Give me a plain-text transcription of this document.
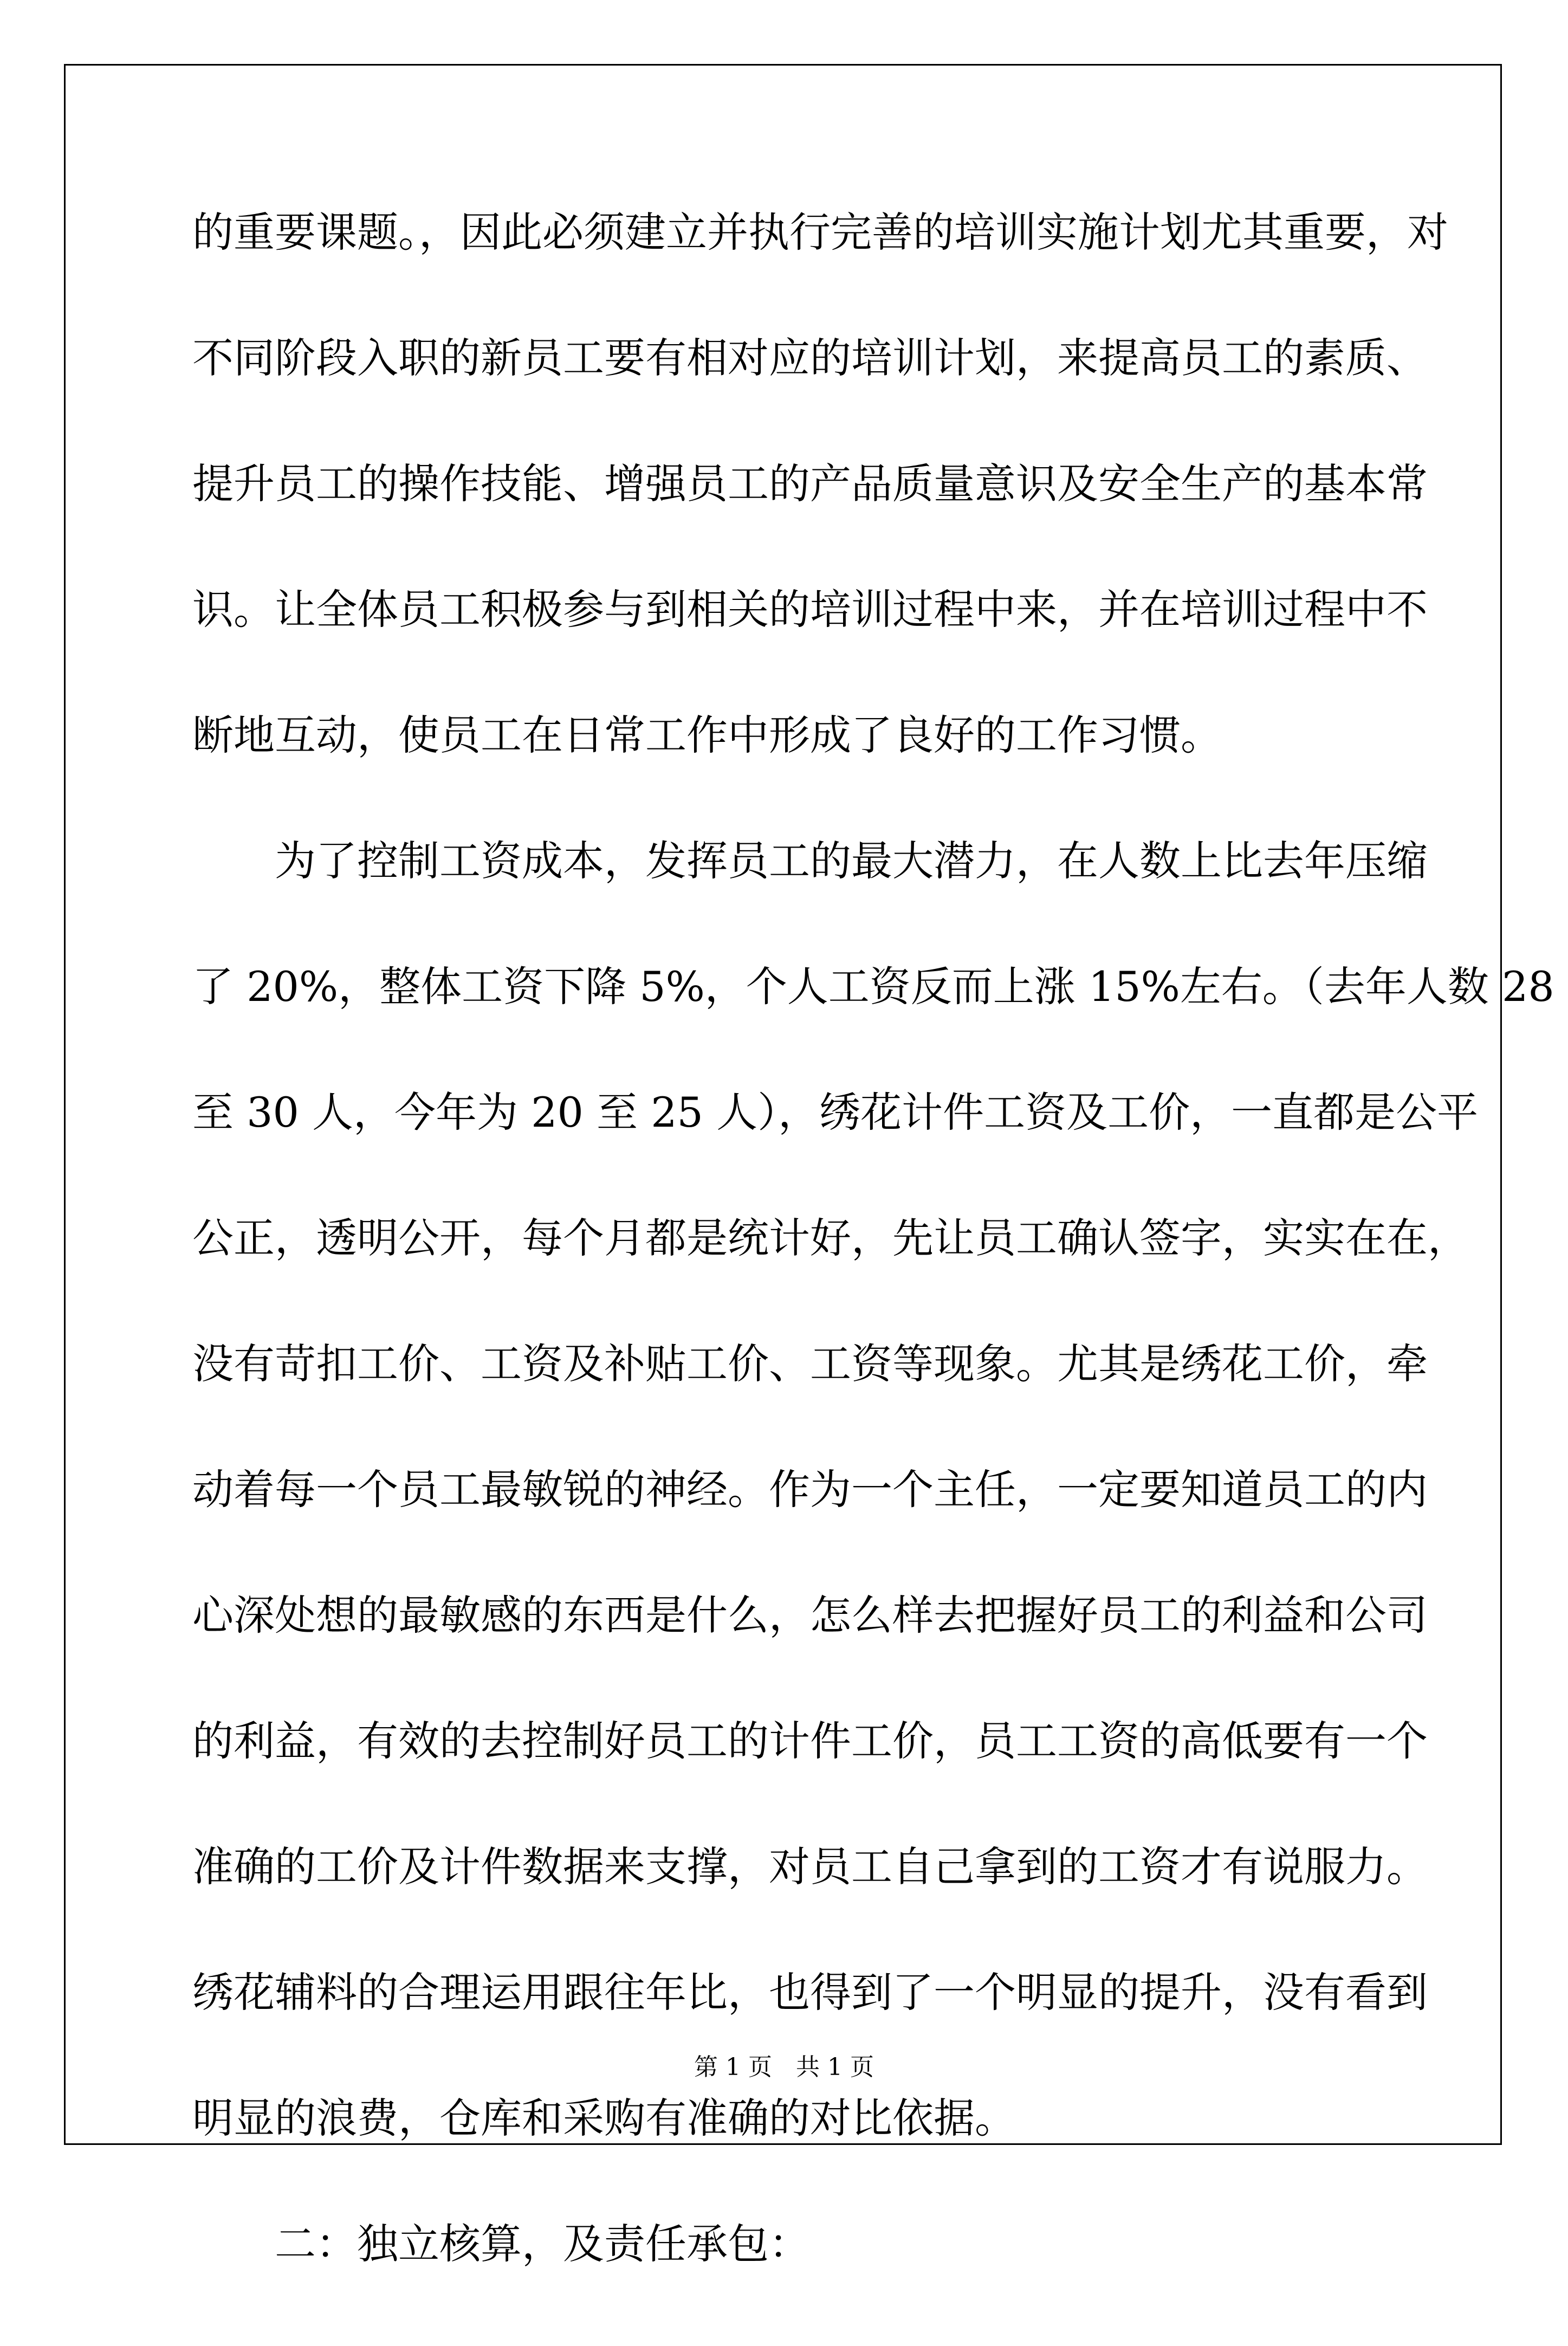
的重要课题。，因此必须建立并执行完善的培训实施计划尤其重要，对
不同阶段入职的新员工要有相对应的培训计划，来提高员工的素质、
提升员工的操作技能、增强员工的产品质量意识及安全生产的基本常
识。让全体员工积极参与到相关的培训过程中来，并在培训过程中不
断地互动，使员工在日常工作中形成了良好的工作习惯。
为了控制工资成本，发挥员工的最大潜力，在人数上比去年压缩
了 20%，整体工资下降 5%，个人工资反而上涨 15%左右。（去年人数 28
至 30 人，今年为 20 至 25 人），绣花计件工资及工价，一直都是公平
公正，透明公开，每个月都是统计好，先让员工确认签字，实实在在，
没有苛扣工价、工资及补贴工价、工资等现象。尤其是绣花工价，牵
动着每一个员工最敏锐的神经。作为一个主任，一定要知道员工的内
心深处想的最敏感的东西是什么，怎么样去把握好员工的利益和公司
的利益，有效的去控制好员工的计件工价，员工工资的高低要有一个
准确的工价及计件数据来支撑，对员工自己拿到的工资才有说服力。
绣花辅料的合理运用跟往年比，也得到了一个明显的提升，没有看到
明显的浪费，仓库和采购有准确的对比依据。
二：独立核算，及责任承包：
第 1 页　共 1 页
